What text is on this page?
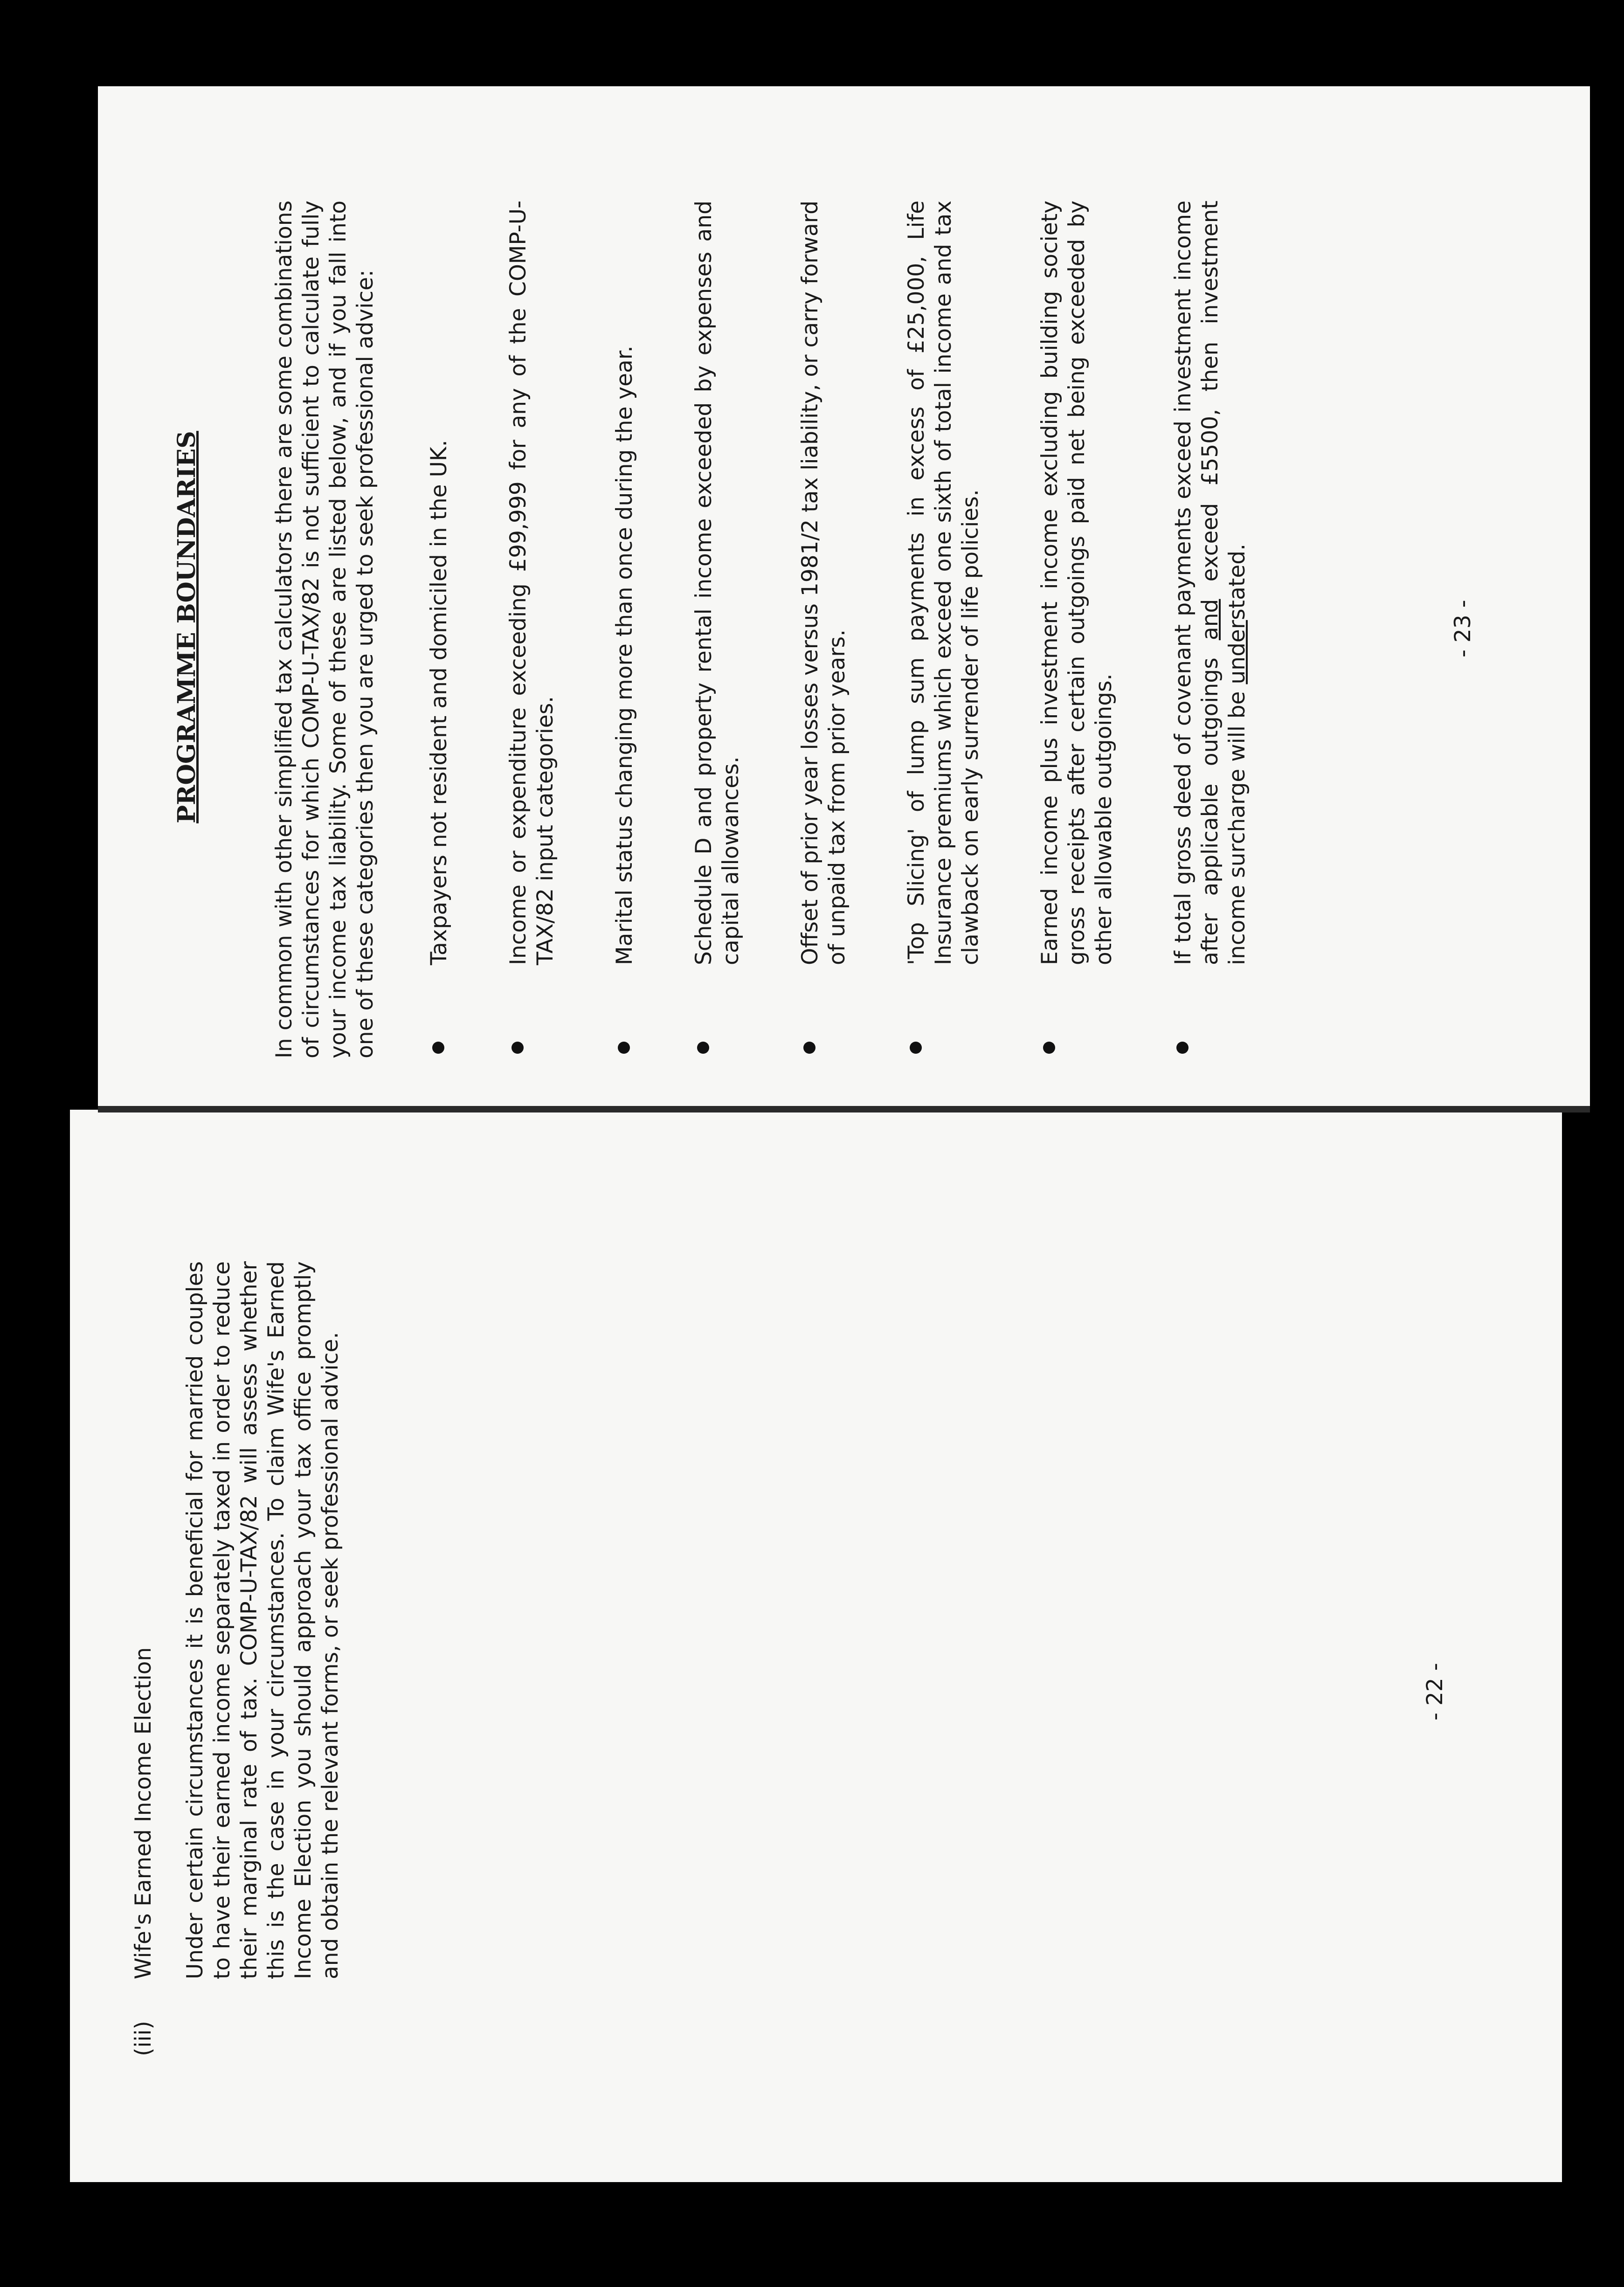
(iii)
Wife's Earned Income Election Under certain circumstances it is beneficial for married couples to have their earned income separately taxed in order to reduce their marginal rate of tax. COMP-U-TAX/82 will assess whether this is the case in your circumstances. To claim Wife's Earned Income Election you should approach your tax office promptly and obtain the relevant forms, or seek professional advice.	- 22 -
PROGRAMME BOUNDARIES	In common with other simplified tax calculators there are some combinations of circumstances for which COMP-U-TAX/82 is not sufficient to calculate fully your income tax liability. Some of these are listed below, and if you fall into one of these categories then you are urged to seek professional advice: Taxpayers not resident and domiciled in the UK. Income or expenditure exceeding £99,999 for any of the COMP-U-TAX/82 input categories. Marital status changing more than once during the year. Schedule D and property rental income exceeded by expenses and capital allowances. Offset of prior year losses versus 1981/2 tax liability, or carry forward of unpaid tax from prior years. 'Top Slicing' of lump sum payments in excess of £25,000, Life Insurance premiums which exceed one sixth of total income and tax clawback on early surrender of life policies. Earned income plus investment income excluding building society gross receipts after certain outgoings paid net being exceeded by other allowable outgoings. If total gross deed of covenant payments exceed investment income after applicable outgoings and exceed £5500, then investment income surcharge will be understated.
- 23 -
